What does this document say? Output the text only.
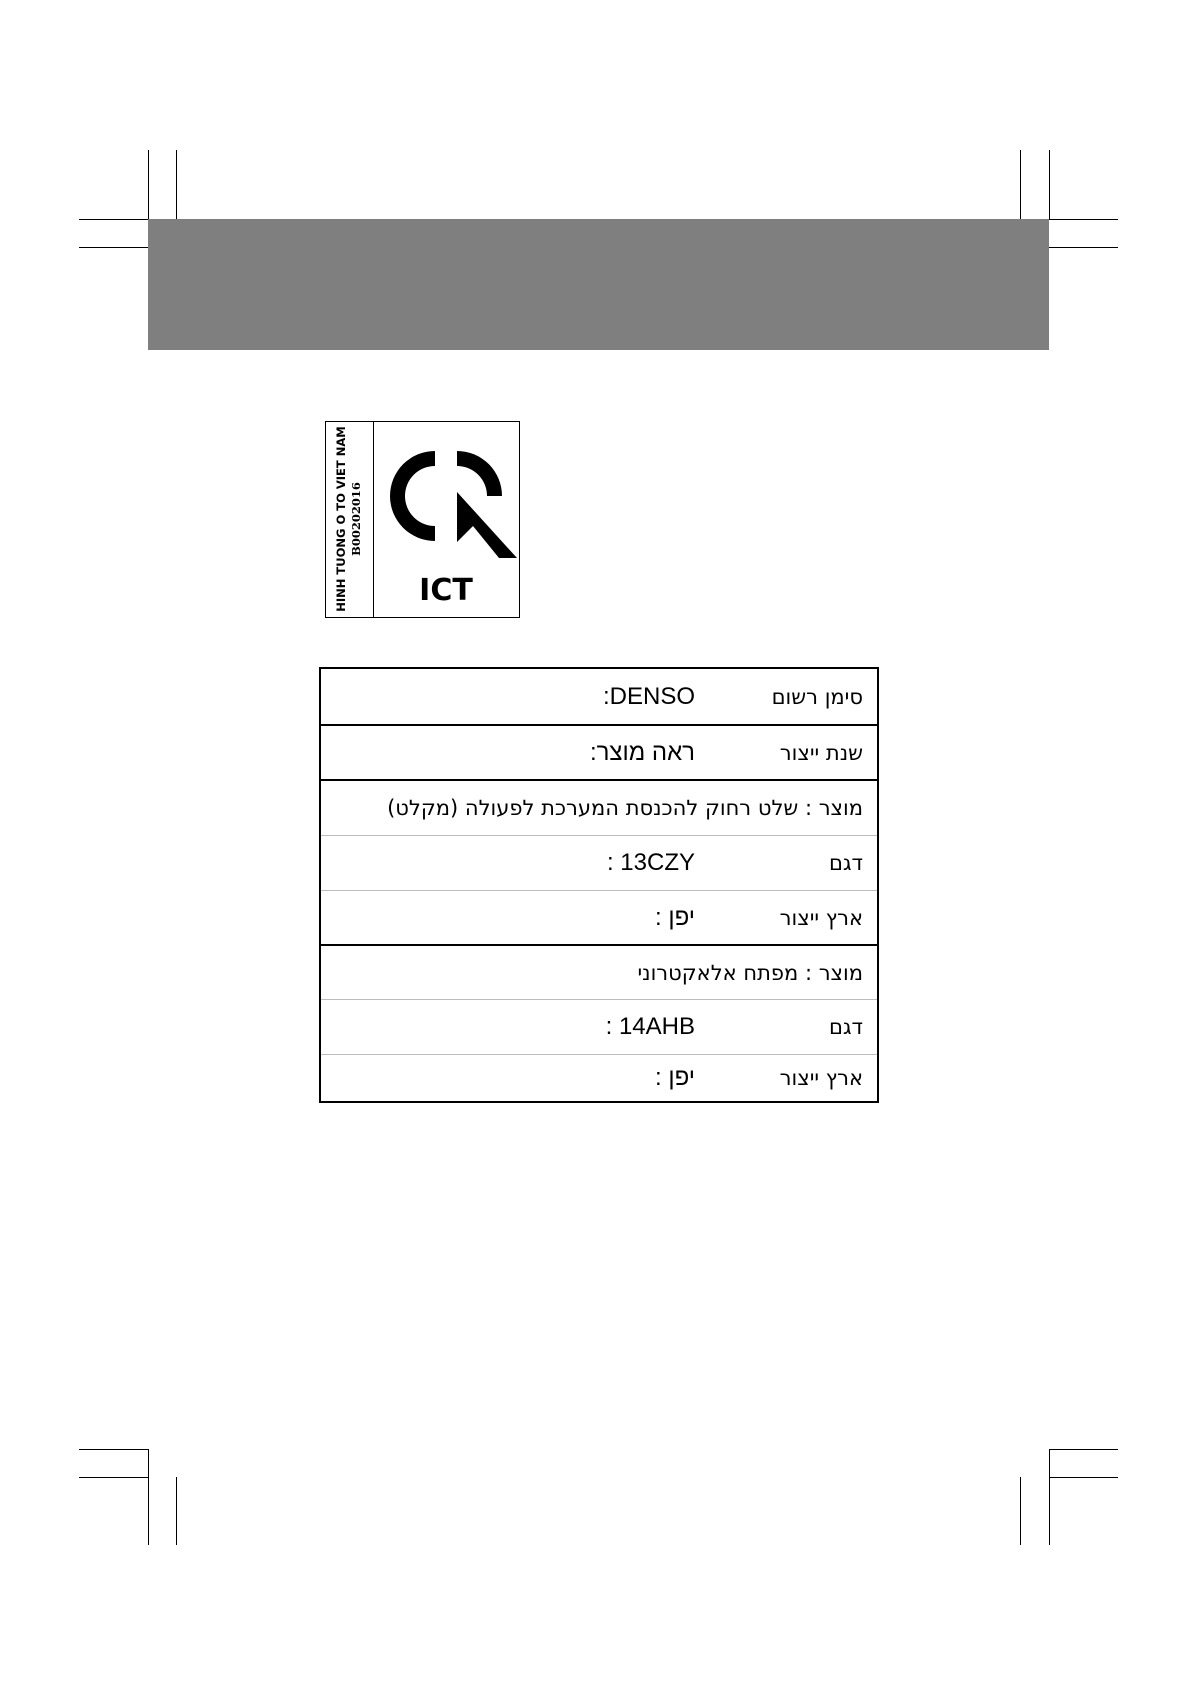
HINH TUONG O TO VIET NAM B00202016
ICT
סימן רשום
DENSO:
שנת ייצור
ראה מוצר:
מוצר : שלט רחוק להכנסת המערכת לפעולה (מקלט)
דגם
13CZY :
ארץ ייצור
יפן :
מוצר : מפתח אלאקטרוני
דגם
14AHB :
ארץ ייצור
יפן :
